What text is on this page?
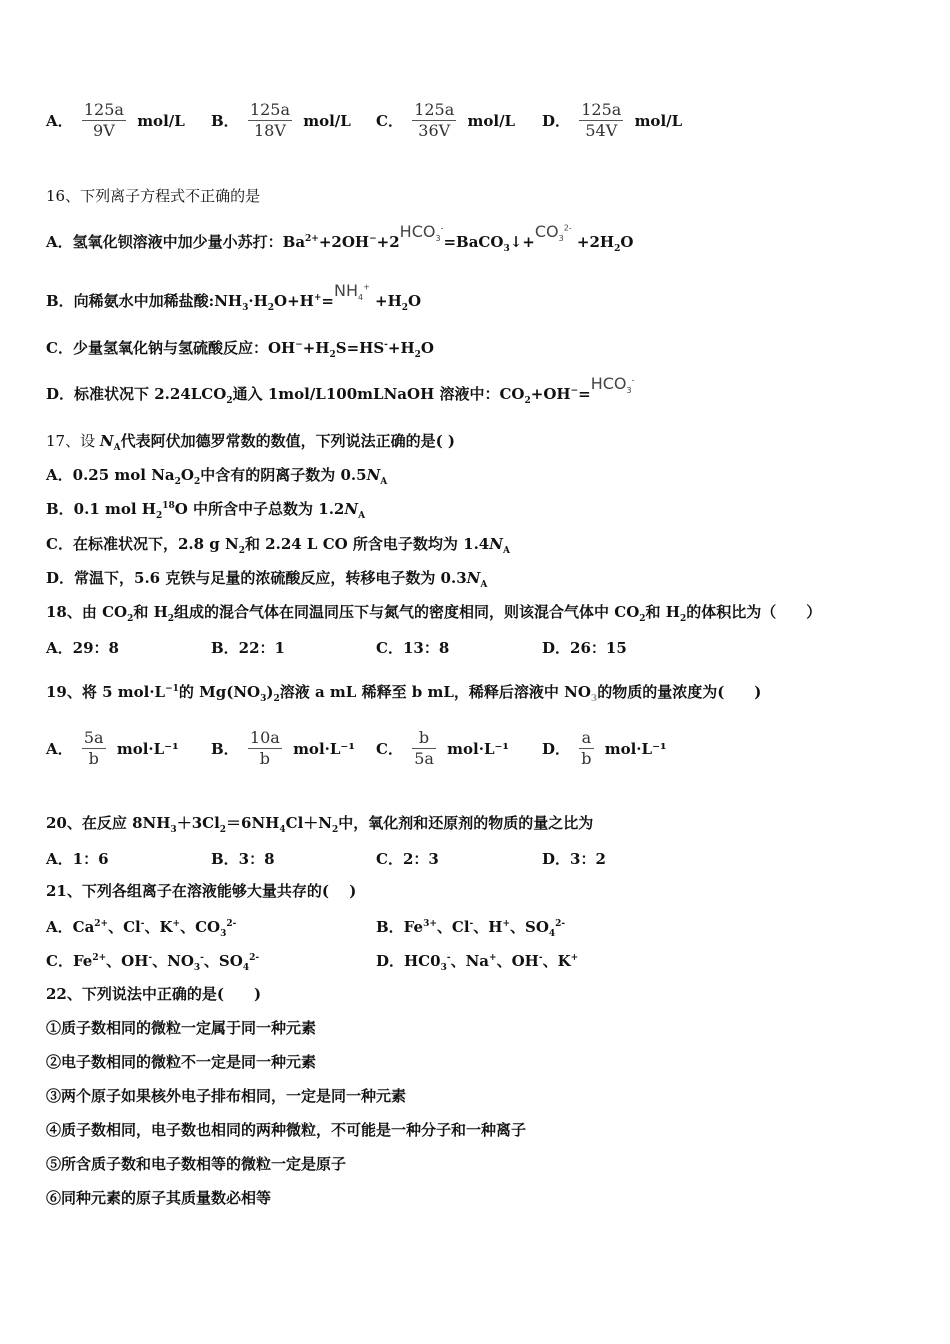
A． $\frac{125a}{9V} mol/L$ B． $\frac{125a}{18V} mol/L$ C． $\frac{125a}{36V} mol/L$ D． $\frac{125a}{54V} mol/L$
16、下列离子方程式不正确的是
A．氢氧化钡溶液中加少量小苏打：$Ba^{2+}+2OH^-+2HCO_3^-=BaCO_3↓+CO_3^{2-} +2H_2O$
B．向稀氨水中加稀盐酸$:NH_3\cdot H_2O+H^+=NH_4^+ +H_2O$
C．少量氢氧化钠与氢硫酸反应：$OH^-+H_2S=HS^-+H_2O$
D．标准状况下 $2.24LCO_2$通入 1mol/L100mLNaOH 溶液中：$CO_2+OH^-=HCO_3^-$
17、设 $N_A$代表阿伏加德罗常数的数值，下列说法正确的是( )
A．0.25 mol $Na_2O_2$中含有的阴离子数为 $0.5N_A$
B．0.1 mol $H_2^{18}O$ 中所含中子总数为 $1.2N_A$
C．在标准状况下，2.8 g $N_2$和 2.24 L CO 所含电子数均为 $1.4N_A$
D．常温下，5.6 克铁与足量的浓硫酸反应，转移电子数为 $0.3N_A$
18、由 $CO_2$和 $H_2$组成的混合气体在同温同压下与氮气的密度相同，则该混合气体中 $CO_2$和 $H_2$的体积比为（　　）
A．29：8	B．22：1	C．13：8	D．26：15
19、将 5 $mol\cdot L^{-1}$的 $Mg(NO_3)_2$溶液 a mL 稀释至 b mL，稀释后溶液中 $NO_3$的物质的量浓度为(　　)
A． $\frac{5a}{b} mol\cdot L^{-1}$ B． $\frac{10a}{b} mol\cdot L^{-1}$ C． $\frac{b}{5a} mol\cdot L^{-1}$ D． $\frac{a}{b} mol\cdot L^{-1}$
20、在反应 $8NH_3+3Cl_2=6NH_4Cl+N_2$中，氧化剂和还原剂的物质的量之比为
A．1：6	B．3：8	C．2：3	D．3：2
21、下列各组离子在溶液能够大量共存的(　 )
A．$Ca^{2+}$、Cl-、K+、$CO_3^{2-}$	B．$Fe^{3+}$、Cl-、H+、$SO_4^{2-}$
C．$Fe^{2+}$、OH-、$NO_3^-$、$SO_4^{2-}$	D．$HC0_3^-$、Na+、OH-、K+
22、下列说法中正确的是(　　)
①质子数相同的微粒一定属于同一种元素
②电子数相同的微粒不一定是同一种元素
③两个原子如果核外电子排布相同，一定是同一种元素
④质子数相同，电子数也相同的两种微粒，不可能是一种分子和一种离子
⑤所含质子数和电子数相等的微粒一定是原子
⑥同种元素的原子其质量数必相等
